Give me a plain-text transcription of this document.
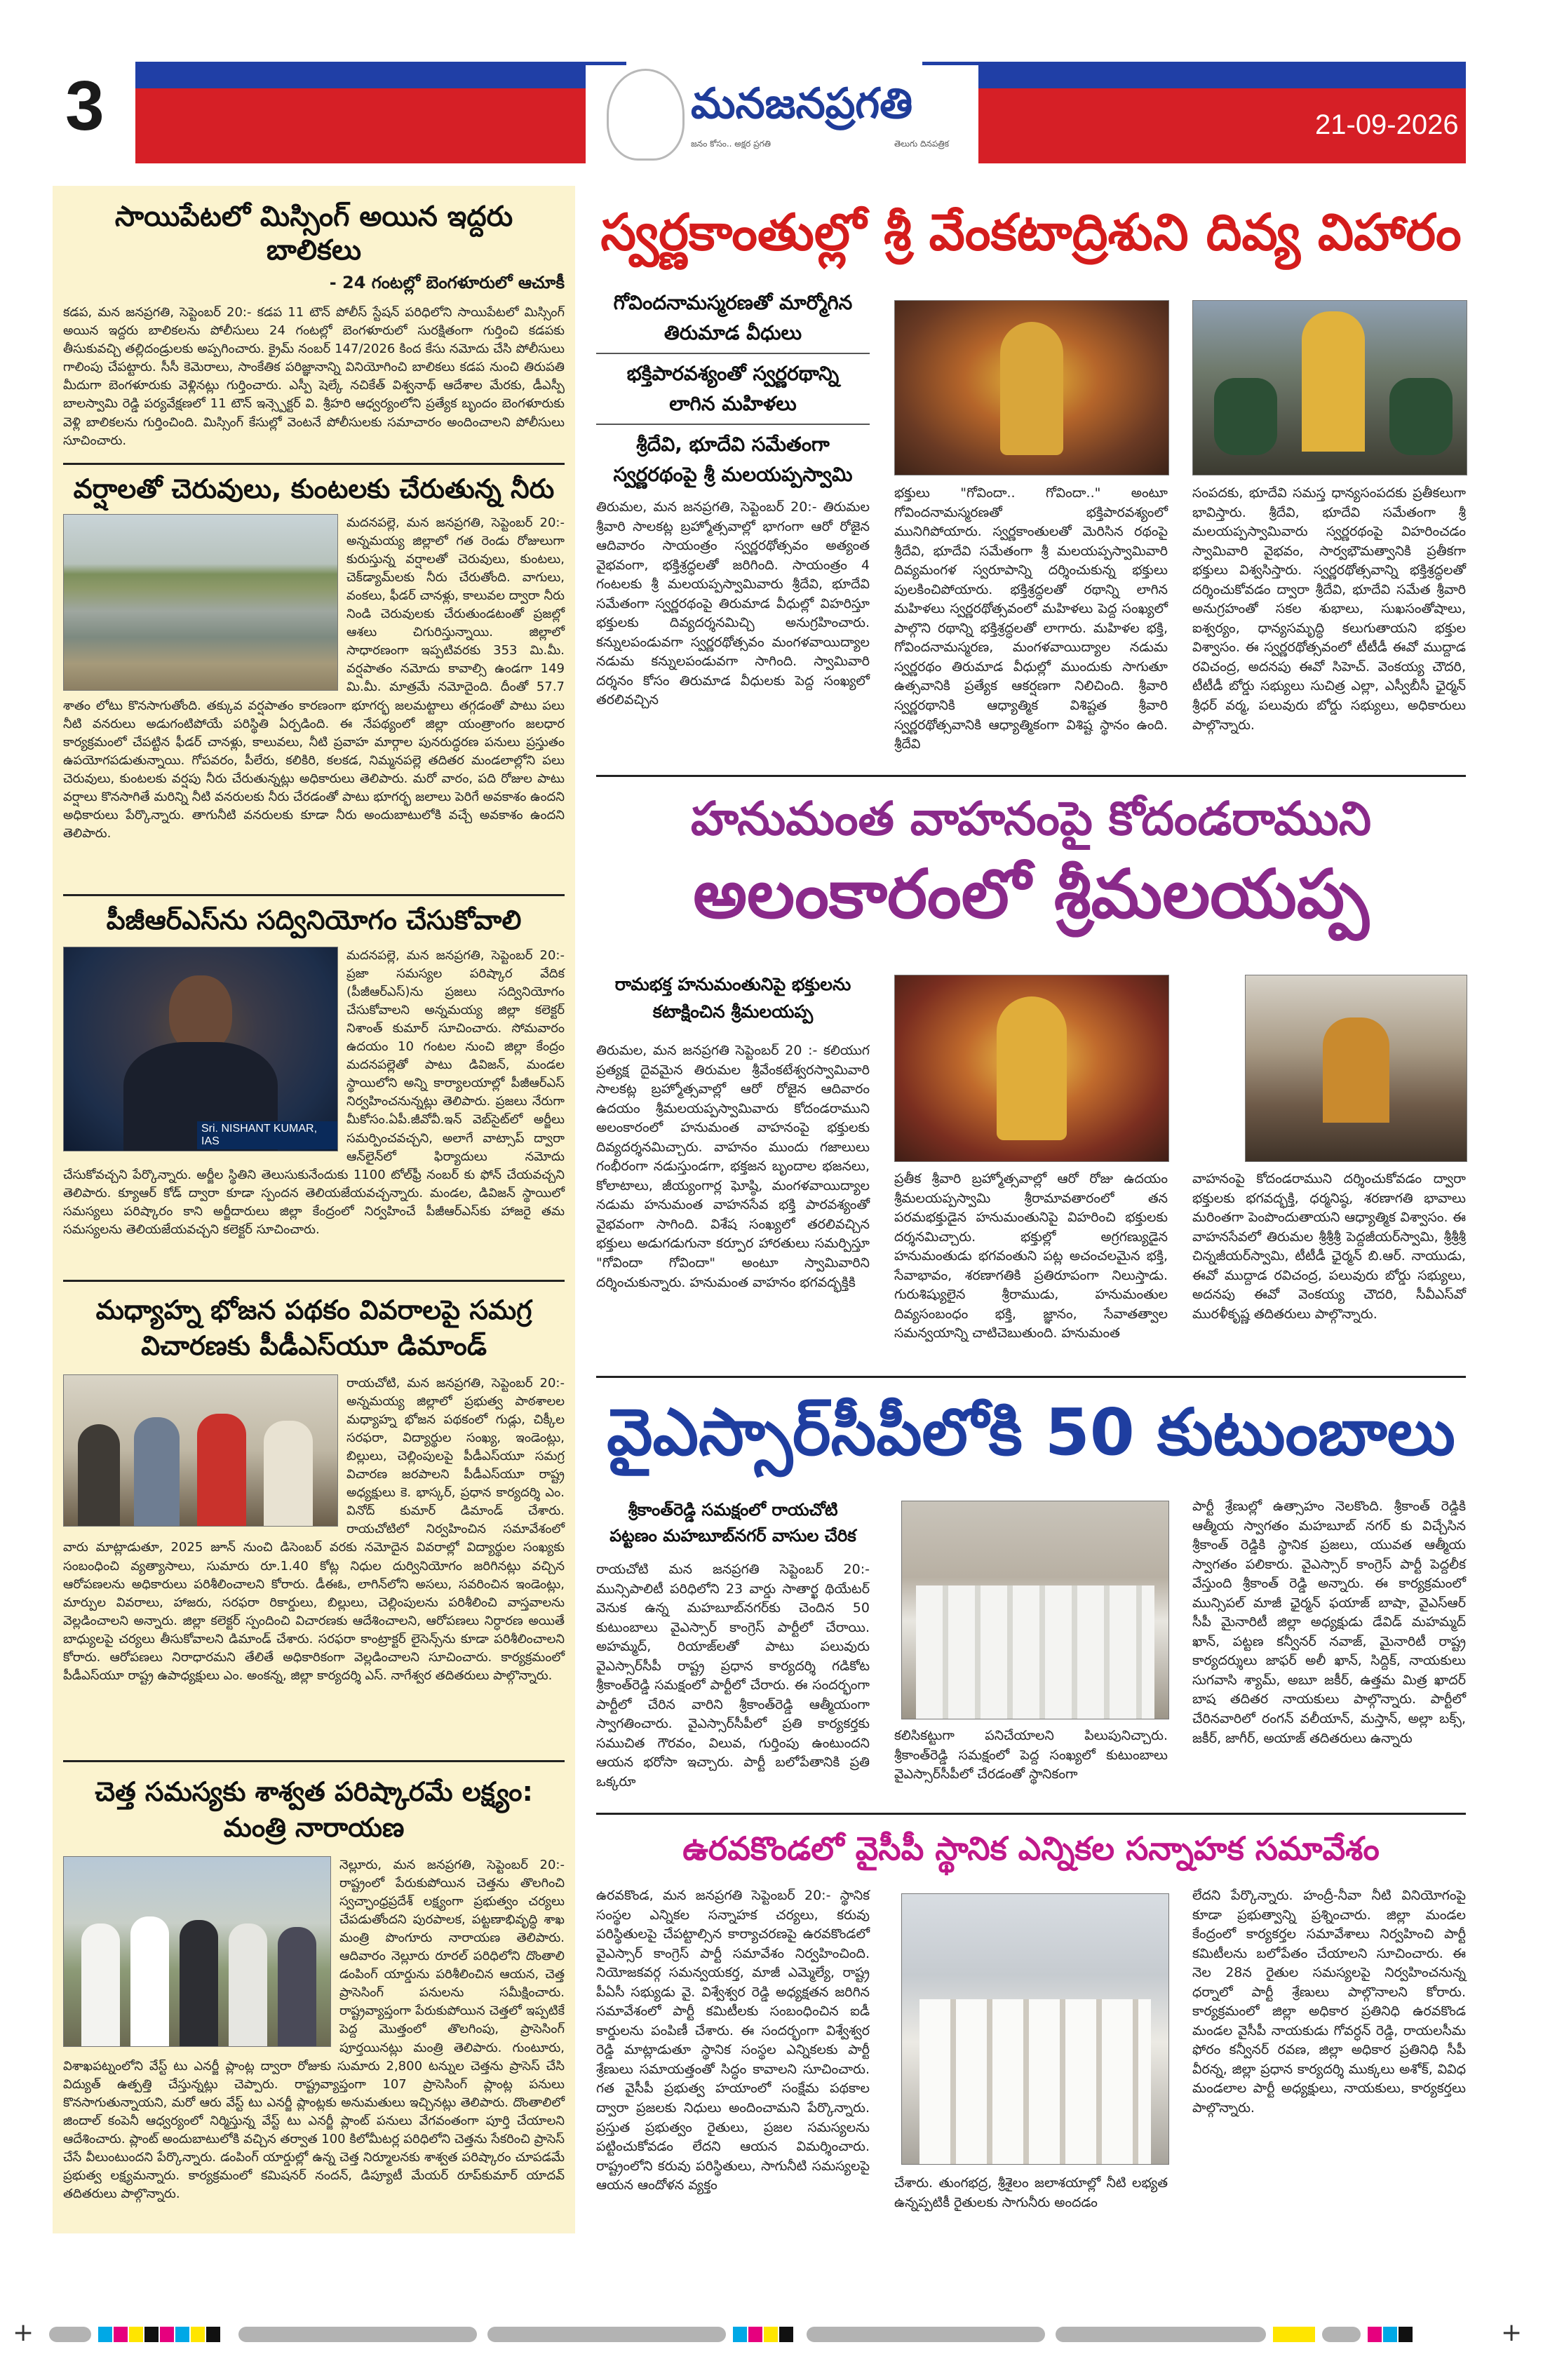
3	21-09-2026
మనజనప్రగతి
జనం కోసం.. అక్షర ప్రగతి	తెలుగు దినపత్రిక
సాయిపేటలో మిస్సింగ్ అయిన ఇద్దరు బాలికలు
- 24 గంటల్లో బెంగళూరులో ఆచూకీ
కడప, మన జనప్రగతి, సెప్టెంబర్ 20:- కడప 11 టౌన్ పోలీస్ స్టేషన్ పరిధిలోని సాయిపేటలో మిస్సింగ్ అయిన ఇద్దరు బాలికలను పోలీసులు 24 గంటల్లో బెంగళూరులో సురక్షితంగా గుర్తించి కడపకు తీసుకువచ్చి తల్లిదండ్రులకు అప్పగించారు. క్రైమ్ నంబర్ 147/2026 కింద కేసు నమోదు చేసి పోలీసులు గాలింపు చేపట్టారు. సీసీ కెమెరాలు, సాంకేతిక పరిజ్ఞానాన్ని వినియోగించి బాలికలు కడప నుంచి తిరుపతి మీదుగా బెంగళూరుకు వెళ్లినట్లు గుర్తించారు. ఎస్పీ షెల్కే నచికేత్ విశ్వనాథ్ ఆదేశాల మేరకు, డీఎస్పీ బాలస్వామి రెడ్డి పర్యవేక్షణలో 11 టౌన్ ఇన్స్పెక్టర్ వి. శ్రీహరి ఆధ్వర్యంలోని ప్రత్యేక బృందం బెంగళూరుకు వెళ్లి బాలికలను గుర్తించింది. మిస్సింగ్ కేసుల్లో వెంటనే పోలీసులకు సమాచారం అందించాలని పోలీసులు సూచించారు.
వర్షాలతో చెరువులు, కుంటలకు చేరుతున్న నీరు
మదనపల్లె, మన జనప్రగతి, సెప్టెంబర్ 20:- అన్నమయ్య జిల్లాలో గత రెండు రోజులుగా కురుస్తున్న వర్షాలతో చెరువులు, కుంటలు, చెక్‌డ్యామ్‌లకు నీరు చేరుతోంది. వాగులు, వంకలు, ఫీడర్ చానళ్లు, కాలువల ద్వారా నీరు నిండి చెరువులకు చేరుతుండటంతో ప్రజల్లో ఆశలు చిగురిస్తున్నాయి. జిల్లాలో సాధారణంగా ఇప్పటివరకు 353 మి.మీ. వర్షపాతం నమోదు కావాల్సి ఉండగా 149 మి.మీ. మాత్రమే నమోదైంది. దీంతో 57.7 శాతం లోటు కొనసాగుతోంది. తక్కువ వర్షపాతం కారణంగా భూగర్భ జలమట్టాలు తగ్గడంతో పాటు పలు నీటి వనరులు అడుగంటిపోయే పరిస్థితి ఏర్పడింది. ఈ నేపథ్యంలో జిల్లా యంత్రాంగం జలధార కార్యక్రమంలో చేపట్టిన ఫీడర్ చానళ్లు, కాలువలు, నీటి ప్రవాహ మార్గాల పునరుద్ధరణ పనులు ప్రస్తుతం ఉపయోగపడుతున్నాయి. గోపవరం, పీలేరు, కలికిరి, కలకడ, నిమ్మనపల్లె తదితర మండలాల్లోని పలు చెరువులు, కుంటలకు వర్షపు నీరు చేరుతున్నట్లు అధికారులు తెలిపారు. మరో వారం, పది రోజుల పాటు వర్షాలు కొనసాగితే మరిన్ని నీటి వనరులకు నీరు చేరడంతో పాటు భూగర్భ జలాలు పెరిగే అవకాశం ఉందని అధికారులు పేర్కొన్నారు. తాగునీటి వనరులకు కూడా నీరు అందుబాటులోకి వచ్చే అవకాశం ఉందని తెలిపారు.
పీజీఆర్ఎస్‌ను సద్వినియోగం చేసుకోవాలి
Sri. NISHANT KUMAR, IAS
మదనపల్లె, మన జనప్రగతి, సెప్టెంబర్ 20:- ప్రజా సమస్యల పరిష్కార వేదిక (పీజీఆర్ఎస్)ను ప్రజలు సద్వినియోగం చేసుకోవాలని అన్నమయ్య జిల్లా కలెక్టర్ నిశాంత్ కుమార్ సూచించారు. సోమవారం ఉదయం 10 గంటల నుంచి జిల్లా కేంద్రం మదనపల్లెతో పాటు డివిజన్, మండల స్థాయిలోని అన్ని కార్యాలయాల్లో పీజీఆర్ఎస్ నిర్వహించనున్నట్లు తెలిపారు. ప్రజలు నేరుగా మీకోసం.ఏపీ.జీవోవీ.ఇన్ వెబ్‌సైట్‌లో అర్జీలు సమర్పించవచ్చని, అలాగే వాట్సాప్ ద్వారా ఆన్‌లైన్‌లో ఫిర్యాదులు నమోదు చేసుకోవచ్చని పేర్కొన్నారు. అర్జీల స్థితిని తెలుసుకునేందుకు 1100 టోల్‌ఫ్రీ నంబర్ కు ఫోన్ చేయవచ్చని తెలిపారు. క్యూఆర్ కోడ్ ద్వారా కూడా స్పందన తెలియజేయవచ్చన్నారు. మండల, డివిజన్ స్థాయిలో సమస్యలు పరిష్కారం కాని అర్జీదారులు జిల్లా కేంద్రంలో నిర్వహించే పీజీఆర్ఎస్‌కు హాజరై తమ సమస్యలను తెలియజేయవచ్చని కలెక్టర్ సూచించారు.
మధ్యాహ్న భోజన పథకం వివరాలపై సమగ్ర విచారణకు పీడీఎస్‌యూ డిమాండ్
రాయచోటి, మన జనప్రగతి, సెప్టెంబర్ 20:- అన్నమయ్య జిల్లాలో ప్రభుత్వ పాఠశాలల మధ్యాహ్న భోజన పథకంలో గుడ్లు, చిక్కీల సరఫరా, విద్యార్థుల సంఖ్య, ఇండెంట్లు, బిల్లులు, చెల్లింపులపై పీడీఎస్‌యూ సమగ్ర విచారణ జరపాలని పీడీఎస్‌యూ రాష్ట్ర అధ్యక్షులు కె. భాస్కర్, ప్రధాన కార్యదర్శి ఎం. వినోద్ కుమార్ డిమాండ్ చేశారు. రాయచోటిలో నిర్వహించిన సమావేశంలో వారు మాట్లాడుతూ, 2025 జూన్ నుంచి డిసెంబర్ వరకు నమోదైన వివరాల్లో విద్యార్థుల సంఖ్యకు సంబంధించి వ్యత్యాసాలు, సుమారు రూ.1.40 కోట్ల నిధుల దుర్వినియోగం జరిగినట్లు వచ్చిన ఆరోపణలను అధికారులు పరిశీలించాలని కోరారు. డీఈఓ, లాగిన్‌లోని అసలు, సవరించిన ఇండెంట్లు, మార్పుల వివరాలు, హాజరు, సరఫరా రికార్డులు, బిల్లులు, చెల్లింపులను పరిశీలించి వాస్తవాలను వెల్లడించాలని అన్నారు. జిల్లా కలెక్టర్ స్పందించి విచారణకు ఆదేశించాలని, ఆరోపణలు నిర్ధారణ అయితే బాధ్యులపై చర్యలు తీసుకోవాలని డిమాండ్ చేశారు. సరఫరా కాంట్రాక్టర్ లైసెన్స్‌ను కూడా పరిశీలించాలని కోరారు. ఆరోపణలు నిరాధారమని తేలితే అధికారికంగా వెల్లడించాలని సూచించారు. కార్యక్రమంలో పీడీఎస్‌యూ రాష్ట్ర ఉపాధ్యక్షులు ఎం. అంకన్న, జిల్లా కార్యదర్శి ఎస్. నాగేశ్వర తదితరులు పాల్గొన్నారు.
చెత్త సమస్యకు శాశ్వత పరిష్కారమే లక్ష్యం: మంత్రి నారాయణ
నెల్లూరు, మన జనప్రగతి, సెప్టెంబర్ 20:- రాష్ట్రంలో పేరుకుపోయిన చెత్తను తొలగించి స్వచ్ఛాంధ్రప్రదేశ్ లక్ష్యంగా ప్రభుత్వం చర్యలు చేపడుతోందని పురపాలక, పట్టణాభివృద్ధి శాఖ మంత్రి పొంగూరు నారాయణ తెలిపారు. ఆదివారం నెల్లూరు రూరల్ పరిధిలోని దొంతాలి డంపింగ్ యార్డును పరిశీలించిన ఆయన, చెత్త ప్రాసెసింగ్ పనులను సమీక్షించారు. రాష్ట్రవ్యాప్తంగా పేరుకుపోయిన చెత్తలో ఇప్పటికే పెద్ద మొత్తంలో తొలగింపు, ప్రాసెసింగ్ పూర్తయినట్లు మంత్రి తెలిపారు. గుంటూరు, విశాఖపట్నంలోని వేస్ట్ టు ఎనర్జీ ప్లాంట్ల ద్వారా రోజుకు సుమారు 2,800 టన్నుల చెత్తను ప్రాసెస్ చేసి విద్యుత్ ఉత్పత్తి చేస్తున్నట్లు చెప్పారు. రాష్ట్రవ్యాప్తంగా 107 ప్రాసెసింగ్ ప్లాంట్ల పనులు కొనసాగుతున్నాయని, మరో ఆరు వేస్ట్ టు ఎనర్జీ ప్లాంట్లకు అనుమతులు ఇచ్చినట్లు తెలిపారు. దొంతాలిలో జిందాల్ కంపెనీ ఆధ్వర్యంలో నిర్మిస్తున్న వేస్ట్ టు ఎనర్జీ ప్లాంట్ పనులు వేగవంతంగా పూర్తి చేయాలని ఆదేశించారు. ప్లాంట్ అందుబాటులోకి వచ్చిన తర్వాత 100 కిలోమీటర్ల పరిధిలోని చెత్తను సేకరించి ప్రాసెస్ చేసే వీలుంటుందని పేర్కొన్నారు. డంపింగ్ యార్డుల్లో ఉన్న చెత్త నిర్మూలనకు శాశ్వత పరిష్కారం చూపడమే ప్రభుత్వ లక్ష్యమన్నారు. కార్యక్రమంలో కమిషనర్ నందన్, డిప్యూటీ మేయర్ రూప్‌కుమార్ యాదవ్ తదితరులు పాల్గొన్నారు.
స్వర్ణకాంతుల్లో శ్రీ వేంకటాద్రిశుని దివ్య విహారం
గోవిందనామస్మరణతో మార్మోగిన
తిరుమాడ వీధులు
భక్తిపారవశ్యంతో స్వర్ణరథాన్ని
లాగిన మహిళలు
శ్రీదేవి, భూదేవి సమేతంగా
స్వర్ణరథంపై శ్రీ మలయప్పస్వామి
తిరుమల, మన జనప్రగతి, సెప్టెంబర్ 20:- తిరుమల శ్రీవారి సాలకట్ల బ్రహ్మోత్సవాల్లో భాగంగా ఆరో రోజైన ఆదివారం సాయంత్రం స్వర్ణరథోత్సవం అత్యంత వైభవంగా, భక్తిశ్రద్ధలతో జరిగింది. సాయంత్రం 4 గంటలకు శ్రీ మలయప్పస్వామివారు శ్రీదేవి, భూదేవి సమేతంగా స్వర్ణరథంపై తిరుమాడ వీధుల్లో విహరిస్తూ భక్తులకు దివ్యదర్శనమిచ్చి అనుగ్రహించారు. కన్నులపండువగా స్వర్ణరథోత్సవం మంగళవాయిద్యాల నడుమ కన్నులపండువగా సాగింది. స్వామివారి దర్శనం కోసం తిరుమాడ వీధులకు పెద్ద సంఖ్యలో తరలివచ్చిన
భక్తులు "గోవిందా.. గోవిందా.." అంటూ గోవిందనామస్మరణతో భక్తిపారవశ్యంలో మునిగిపోయారు. స్వర్ణకాంతులతో మెరిసిన రథంపై శ్రీదేవి, భూదేవి సమేతంగా శ్రీ మలయప్పస్వామివారి దివ్యమంగళ స్వరూపాన్ని దర్శించుకున్న భక్తులు పులకించిపోయారు. భక్తిశ్రద్ధలతో రథాన్ని లాగిన మహిళలు స్వర్ణరథోత్సవంలో మహిళలు పెద్ద సంఖ్యలో పాల్గొని రథాన్ని భక్తిశ్రద్ధలతో లాగారు. మహిళల భక్తి, గోవిందనామస్మరణ, మంగళవాయిద్యాల నడుమ స్వర్ణరథం తిరుమాడ వీధుల్లో ముందుకు సాగుతూ ఉత్సవానికి ప్రత్యేక ఆకర్షణగా నిలిచింది. శ్రీవారి స్వర్ణరథానికి ఆధ్యాత్మిక విశిష్టత శ్రీవారి స్వర్ణరథోత్సవానికి ఆధ్యాత్మికంగా విశిష్ట స్థానం ఉంది. శ్రీదేవి
సంపదకు, భూదేవి సమస్త ధాన్యసంపదకు ప్రతీకలుగా భావిస్తారు. శ్రీదేవి, భూదేవి సమేతంగా శ్రీ మలయప్పస్వామివారు స్వర్ణరథంపై విహరించడం స్వామివారి వైభవం, సార్వభౌమత్వానికి ప్రతీకగా భక్తులు విశ్వసిస్తారు. స్వర్ణరథోత్సవాన్ని భక్తిశ్రద్ధలతో దర్శించుకోవడం ద్వారా శ్రీదేవి, భూదేవి సమేత శ్రీవారి అనుగ్రహంతో సకల శుభాలు, సుఖసంతోషాలు, ఐశ్వర్యం, ధాన్యసమృద్ధి కలుగుతాయని భక్తుల విశ్వాసం. ఈ స్వర్ణరథోత్సవంలో టీటీడీ ఈవో ముద్దాడ రవిచంద్ర, అదనపు ఈవో సిహెచ్. వెంకయ్య చౌదరి, టీటీడీ బోర్డు సభ్యులు సుచిత్ర ఎల్లా, ఎస్వీబీసీ ఛైర్మన్ శ్రీధర్ వర్మ, పలువురు బోర్డు సభ్యులు, అధికారులు పాల్గొన్నారు.
హనుమంత వాహనంపై కోదండరాముని
అలంకారంలో శ్రీమలయప్ప
రామభక్త హనుమంతునిపై భక్తులను
కటాక్షించిన శ్రీమలయప్ప
తిరుమల, మన జనప్రగతి సెప్టెంబర్ 20 :- కలియుగ ప్రత్యక్ష దైవమైన తిరుమల శ్రీవేంకటేశ్వరస్వామివారి సాలకట్ల బ్రహ్మోత్సవాల్లో ఆరో రోజైన ఆదివారం ఉదయం శ్రీమలయప్పస్వామివారు కోదండరాముని అలంకారంలో హనుమంత వాహనంపై భక్తులకు దివ్యదర్శనమిచ్చారు. వాహనం ముందు గజాలులు గంభీరంగా నడుస్తుండగా, భక్తజన బృందాల భజనలు, కోలాటాలు, జీయ్యంగార్ల ఘోష్ఠి, మంగళవాయిద్యాల నడుమ హనుమంత వాహనసేవ భక్తి పారవశ్యంతో వైభవంగా సాగింది. విశేష సంఖ్యలో తరలివచ్చిన భక్తులు అడుగడుగునా కర్పూర హారతులు సమర్పిస్తూ "గోవిందా గోవిందా" అంటూ స్వామివారిని దర్శించుకున్నారు. హనుమంత వాహనం భగవద్భక్తికి
ప్రతీక శ్రీవారి బ్రహ్మోత్సవాల్లో ఆరో రోజు ఉదయం శ్రీమలయప్పస్వామి శ్రీరామావతారంలో తన పరమభక్తుడైన హనుమంతునిపై విహరించి భక్తులకు దర్శనమిచ్చారు. భక్తుల్లో అగ్రగణ్యుడైన హనుమంతుడు భగవంతుని పట్ల అచంచలమైన భక్తి, సేవాభావం, శరణాగతికి ప్రతిరూపంగా నిలుస్తాడు. గురుశిష్యులైన శ్రీరాముడు, హనుమంతుల దివ్యసంబంధం భక్తి, జ్ఞానం, సేవాతత్వాల సమన్వయాన్ని చాటిచెబుతుంది. హనుమంత
వాహనంపై కోదండరాముని దర్శించుకోవడం ద్వారా భక్తులకు భగవద్భక్తి, ధర్మనిష్ఠ, శరణాగతి భావాలు మరింతగా పెంపొందుతాయని ఆధ్యాత్మిక విశ్వాసం. ఈ వాహనసేవలో తిరుమల శ్రీశ్రీశ్రీ పెద్దజీయర్‌స్వామి, శ్రీశ్రీశ్రీ చిన్నజీయర్‌స్వామి, టీటీడీ ఛైర్మన్ బి.ఆర్. నాయుడు, ఈవో ముద్దాడ రవిచంద్ర, పలువురు బోర్డు సభ్యులు, అదనపు ఈవో వెంకయ్య చౌదరి, సీవీఎస్‌వో మురళీకృష్ణ తదితరులు పాల్గొన్నారు.
వైఎస్సార్‌సీపీలోకి 50 కుటుంబాలు
శ్రీకాంత్‌రెడ్డి సమక్షంలో రాయచోటి
పట్టణం మహబూబ్‌నగర్ వాసుల చేరిక
రాయచోటి మన జనప్రగతి సెప్టెంబర్ 20:- మున్సిపాలిటీ పరిధిలోని 23 వార్డు సాతార్ఖ థియేటర్ వెనుక ఉన్న మహబూబ్‌నగర్‌కు చెందిన 50 కుటుంబాలు వైఎస్సార్ కాంగ్రెస్ పార్టీలో చేరాయి. అహమ్మద్, రియాజ్‌లతో పాటు పలువురు వైఎస్సార్‌సీపీ రాష్ట్ర ప్రధాన కార్యదర్శి గడికోట శ్రీకాంత్‌రెడ్డి సమక్షంలో పార్టీలో చేరారు. ఈ సందర్భంగా పార్టీలో చేరిన వారిని శ్రీకాంత్‌రెడ్డి ఆత్మీయంగా స్వాగతించారు. వైఎస్సార్‌సీపీలో ప్రతి కార్యకర్తకు సముచిత గౌరవం, విలువ, గుర్తింపు ఉంటుందని ఆయన భరోసా ఇచ్చారు. పార్టీ బలోపేతానికి ప్రతి ఒక్కరూ
కలిసికట్టుగా పనిచేయాలని పిలుపునిచ్చారు. శ్రీకాంత్‌రెడ్డి సమక్షంలో పెద్ద సంఖ్యలో కుటుంబాలు వైఎస్సార్‌సీపీలో చేరడంతో స్థానికంగా
పార్టీ శ్రేణుల్లో ఉత్సాహం నెలకొంది. శ్రీకాంత్ రెడ్డికి ఆత్మీయ స్వాగతం మహబూబ్ నగర్ కు విచ్చేసిన శ్రీకాంత్ రెడ్డికి స్థానిక ప్రజలు, యువత ఆత్మీయ స్వాగతం పలికారు. వైఎస్సార్ కాంగ్రెస్ పార్టీ పెద్దలీక వేస్తుంది శ్రీకాంత్ రెడ్డి అన్నారు. ఈ కార్యక్రమంలో మున్సిపల్ మాజీ ఛైర్మన్ ఫయాజ్ బాషా, వైఎస్ఆర్ సీపీ మైనారిటీ జిల్లా అధ్యక్షుడు డేవిడ్ మహమ్మద్ ఖాన్, పట్టణ కన్వీనర్ నవాజ్, మైనారిటీ రాష్ట్ర కార్యదర్శులు జాఫర్ అలీ ఖాన్, సిద్దిక్, నాయకులు సుగవాసి శ్యామ్, అబూ జకీర్, ఉత్తమ మిత్ర ఖాదర్ బాష తదితర నాయకులు పాల్గొన్నారు. పార్టీలో చేరినవారిలో రంగన్ వలీయాన్, మస్తాన్, అల్లా బక్స్, జకీర్, జాగీర్, అయాజ్ తదితరులు ఉన్నారు
ఉరవకొండలో వైసీపీ స్థానిక ఎన్నికల సన్నాహక సమావేశం
ఉరవకొండ, మన జనప్రగతి సెప్టెంబర్ 20:- స్థానిక సంస్థల ఎన్నికల సన్నాహక చర్యలు, కరువు పరిస్థితులపై చేపట్టాల్సిన కార్యాచరణపై ఉరవకొండలో వైఎస్సార్ కాంగ్రెస్ పార్టీ సమావేశం నిర్వహించింది. నియోజకవర్గ సమన్వయకర్త, మాజీ ఎమ్మెల్యే, రాష్ట్ర పీఏసీ సభ్యుడు వై. విశ్వేశ్వర రెడ్డి అధ్యక్షతన జరిగిన సమావేశంలో పార్టీ కమిటీలకు సంబంధించిన ఐడీ కార్డులను పంపిణీ చేశారు. ఈ సందర్భంగా విశ్వేశ్వర రెడ్డి మాట్లాడుతూ స్థానిక సంస్థల ఎన్నికలకు పార్టీ శ్రేణులు సమాయత్తంతో సిద్ధం కావాలని సూచించారు. గత వైసీపీ ప్రభుత్వ హయాంలో సంక్షేమ పథకాల ద్వారా ప్రజలకు నిధులు అందించామని పేర్కొన్నారు. ప్రస్తుత ప్రభుత్వం రైతులు, ప్రజల సమస్యలను పట్టించుకోవడం లేదని ఆయన విమర్శించారు. రాష్ట్రంలోని కరువు పరిస్థితులు, సాగునీటి సమస్యలపై ఆయన ఆందోళన వ్యక్తం	చేశారు. తుంగభద్ర, శ్రీశైలం జలాశయాల్లో నీటి లభ్యత ఉన్నప్పటికీ రైతులకు సాగునీరు అందడం
లేదని పేర్కొన్నారు. హంద్రీ-నీవా నీటి వినియోగంపై కూడా ప్రభుత్వాన్ని ప్రశ్నించారు. జిల్లా మండల కేంద్రంలో కార్యకర్తల సమావేశాలు నిర్వహించి పార్టీ కమిటీలను బలోపేతం చేయాలని సూచించారు. ఈ నెల 28న రైతుల సమస్యలపై నిర్వహించనున్న ధర్నాలో పార్టీ శ్రేణులు పాల్గొనాలని కోరారు. కార్యక్రమంలో జిల్లా అధికార ప్రతినిధి ఉరవకొండ మండల వైసీపీ నాయకుడు గోవర్ధన్ రెడ్డి, రాయలసీమ ఫోరం కన్వీనర్ రవణ, జిల్లా అధికార ప్రతినిధి సీపీ వీరన్న, జిల్లా ప్రధాన కార్యదర్శి ముక్కలు అశోక్, వివిధ మండలాల పార్టీ అధ్యక్షులు, నాయకులు, కార్యకర్తలు పాల్గొన్నారు.
+	+
